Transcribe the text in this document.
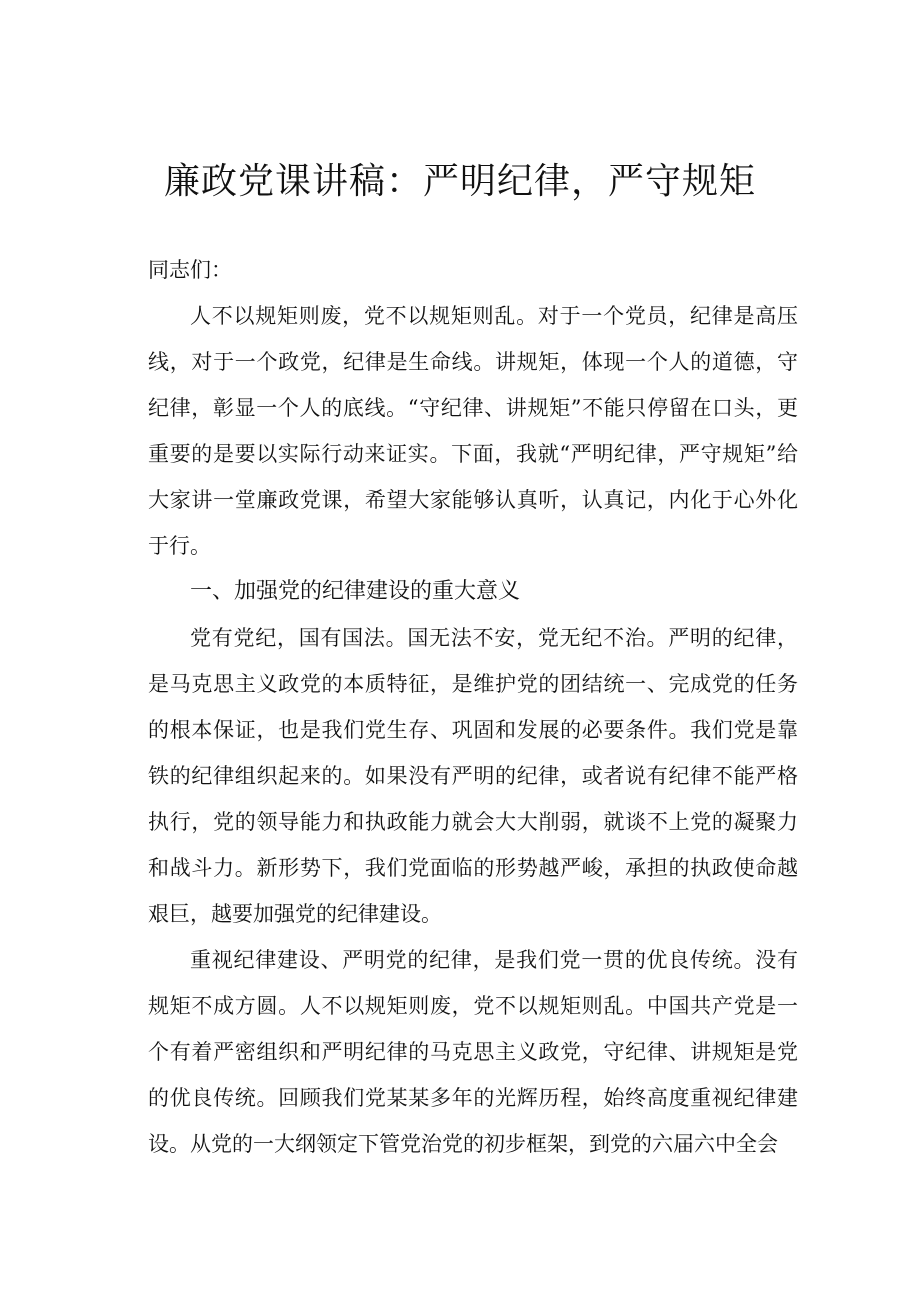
廉政党课讲稿：严明纪律，严守规矩

同志们：

人不以规矩则废，党不以规矩则乱。对于一个党员，纪律是高压线，对于一个政党，纪律是生命线。讲规矩，体现一个人的道德，守纪律，彰显一个人的底线。“守纪律、讲规矩”不能只停留在口头，更重要的是要以实际行动来证实。下面，我就“严明纪律，严守规矩”给大家讲一堂廉政党课，希望大家能够认真听，认真记，内化于心外化于行。

一、加强党的纪律建设的重大意义

党有党纪，国有国法。国无法不安，党无纪不治。严明的纪律，是马克思主义政党的本质特征，是维护党的团结统一、完成党的任务的根本保证，也是我们党生存、巩固和发展的必要条件。我们党是靠铁的纪律组织起来的。如果没有严明的纪律，或者说有纪律不能严格执行，党的领导能力和执政能力就会大大削弱，就谈不上党的凝聚力和战斗力。新形势下，我们党面临的形势越严峻，承担的执政使命越艰巨，越要加强党的纪律建设。

重视纪律建设、严明党的纪律，是我们党一贯的优良传统。没有规矩不成方圆。人不以规矩则废，党不以规矩则乱。中国共产党是一个有着严密组织和严明纪律的马克思主义政党，守纪律、讲规矩是党的优良传统。回顾我们党某某多年的光辉历程，始终高度重视纪律建设。从党的一大纲领定下管党治党的初步框架，到党的六届六中全会
